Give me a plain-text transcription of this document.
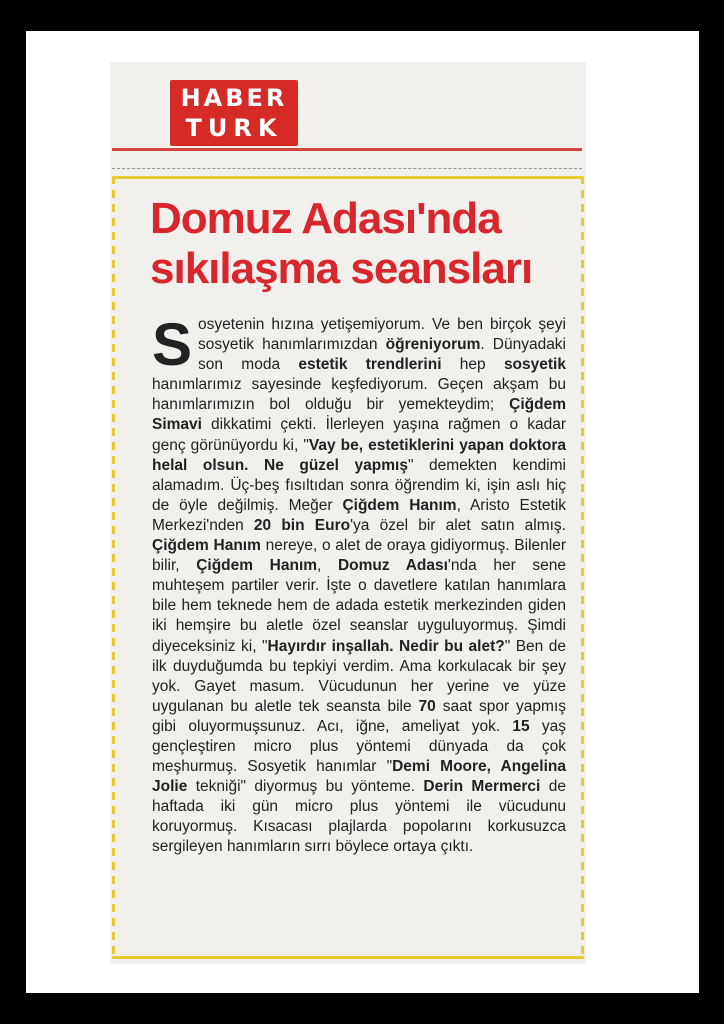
HABER
TURK
Domuz Adası'nda
sıkılaşma seansları
S osyetenin hızına yetişemiyorum. Ve ben birçok şeyi sosyetik hanımlarımızdan öğreniyorum. Dünyadaki son moda estetik trendlerini hep sosyetik hanımlarımız sayesinde keşfediyorum. Geçen akşam bu hanımlarımızın bol olduğu bir yemekteydim; Çiğdem Simavi dikkatimi çekti. İlerleyen yaşına rağmen o kadar genç görünüyordu ki, "Vay be, estetiklerini yapan doktora helal olsun. Ne güzel yapmış" demekten kendimi alamadım. Üç-beş fısıltıdan sonra öğrendim ki, işin aslı hiç de öyle değilmiş. Meğer Çiğdem Hanım, Aristo Estetik Merkezi'nden 20 bin Euro'ya özel bir alet satın almış. Çiğdem Hanım nereye, o alet de oraya gidiyormuş. Bilenler bilir, Çiğdem Hanım, Domuz Adası'nda her sene muhteşem partiler verir. İşte o davetlere katılan hanımlara bile hem teknede hem de adada estetik merkezinden giden iki hemşire bu aletle özel seanslar uyguluyormuş. Şimdi diyeceksiniz ki, "Hayırdır inşallah. Nedir bu alet?" Ben de ilk duyduğumda bu tepkiyi verdim. Ama korkulacak bir şey yok. Gayet masum. Vücudunun her yerine ve yüze uygulanan bu aletle tek seansta bile 70 saat spor yapmış gibi oluyormuşsunuz. Acı, iğne, ameliyat yok. 15 yaş gençleştiren micro plus yöntemi dünyada da çok meşhurmuş. Sosyetik hanımlar "Demi Moore, Angelina Jolie tekniği" diyormuş bu yönteme. Derin Mermerci de haftada iki gün micro plus yöntemi ile vücudunu koruyormuş. Kısacası plajlarda popolarını korkusuzca sergileyen hanımların sırrı böylece ortaya çıktı.
